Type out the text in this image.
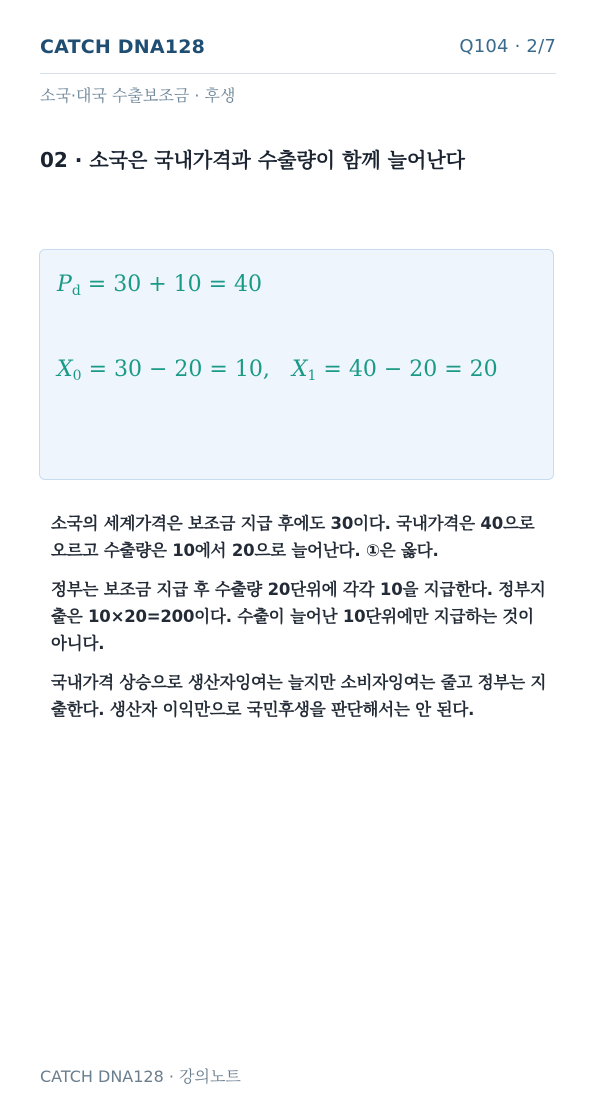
CATCH DNA128	Q104 · 2/7
소국·대국 수출보조금 · 후생
02 · 소국은 국내가격과 수출량이 함께 늘어난다
$P_d = 30 + 10 = 40$
$X_0 = 30 - 20 = 10$, $X_1 = 40 - 20 = 20$

소국의 세계가격은 보조금 지급 후에도 30이다. 국내가격은 40으로 오르고 수출량은 10에서 20으로 늘어난다. ①은 옳다.

정부는 보조금 지급 후 수출량 20단위에 각각 10을 지급한다. 정부지출은 10×20=200이다. 수출이 늘어난 10단위에만 지급하는 것이 아니다.

국내가격 상승으로 생산자잉여는 늘지만 소비자잉여는 줄고 정부는 지출한다. 생산자 이익만으로 국민후생을 판단해서는 안 된다.

CATCH DNA128 · 강의노트
